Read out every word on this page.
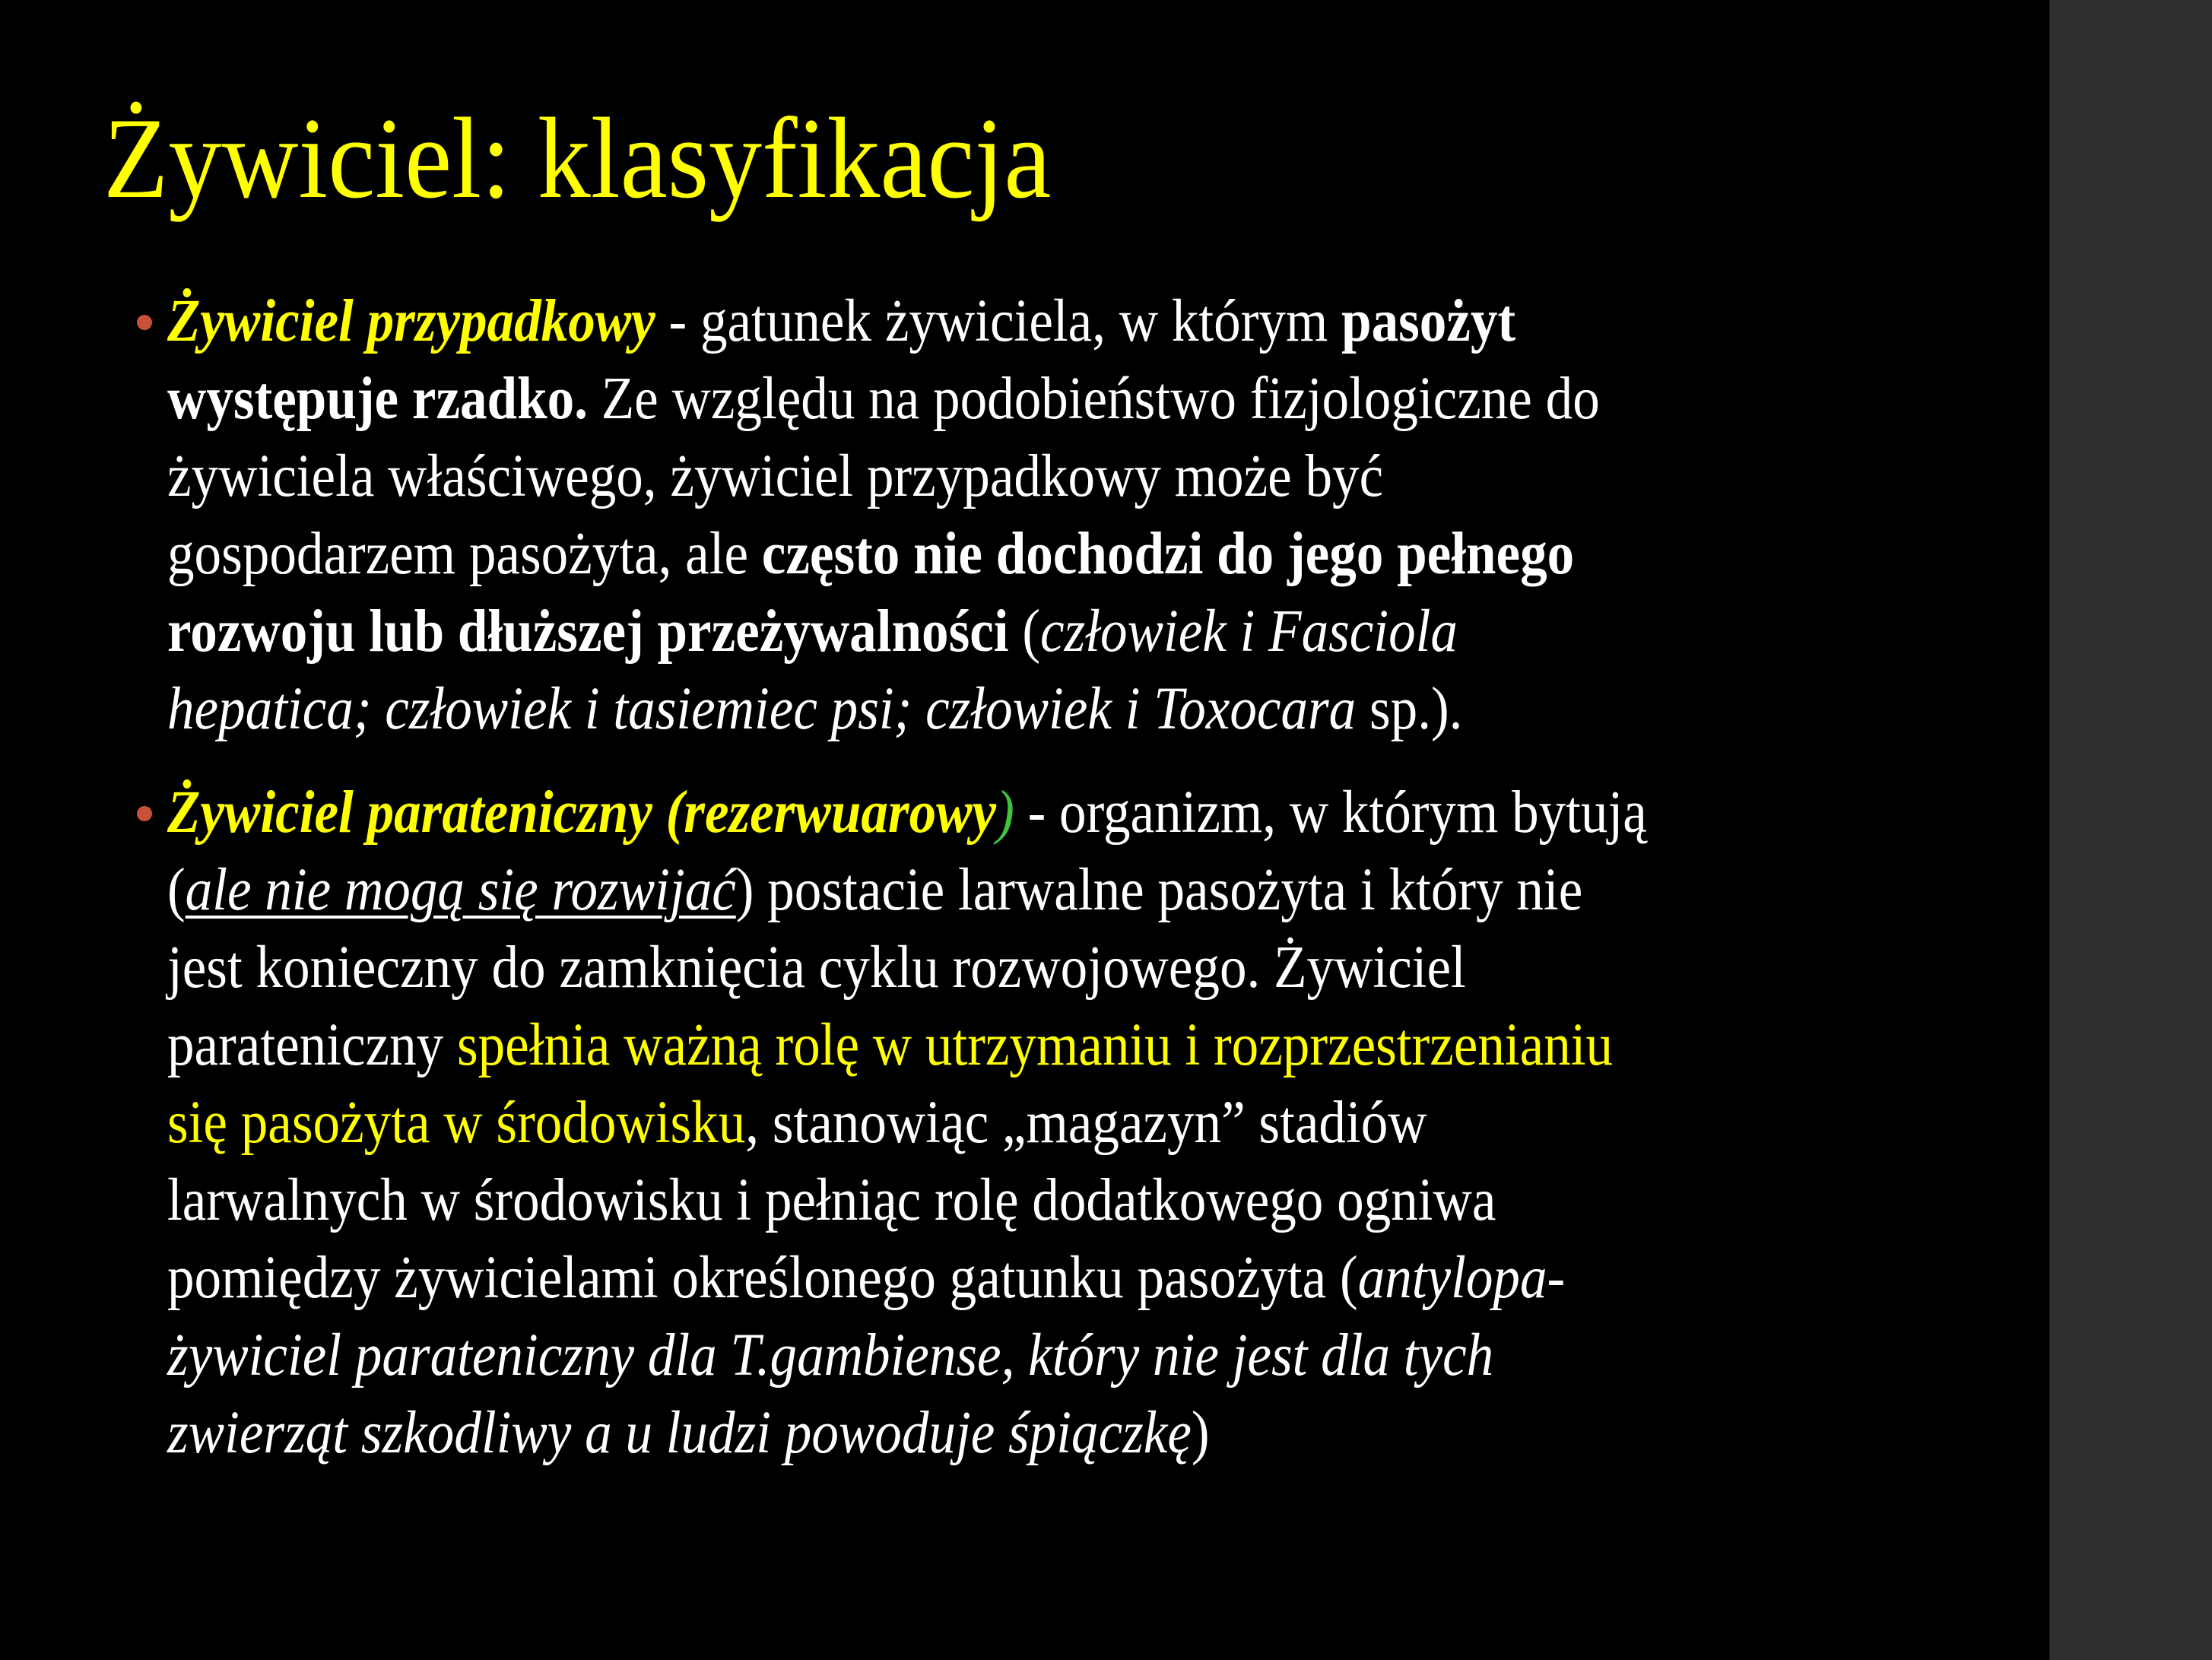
Żywiciel: klasyfikacja
Żywiciel przypadkowy - gatunek żywiciela, w którym pasożyt
występuje rzadko. Ze względu na podobieństwo fizjologiczne do
żywiciela właściwego, żywiciel przypadkowy może być
gospodarzem pasożyta, ale często nie dochodzi do jego pełnego
rozwoju lub dłuższej przeżywalności (człowiek i Fasciola
hepatica; człowiek i tasiemiec psi; człowiek i Toxocara sp.).
Żywiciel parateniczny (rezerwuarowy) - organizm, w którym bytują
(ale nie mogą się rozwijać) postacie larwalne pasożyta i który nie
jest konieczny do zamknięcia cyklu rozwojowego. Żywiciel
parateniczny spełnia ważną rolę w utrzymaniu i rozprzestrzenianiu
się pasożyta w środowisku, stanowiąc „magazyn” stadiów
larwalnych w środowisku i pełniąc rolę dodatkowego ogniwa
pomiędzy żywicielami określonego gatunku pasożyta (antylopa-
żywiciel parateniczny dla T.gambiense, który nie jest dla tych
zwierząt szkodliwy a u ludzi powoduje śpiączkę)
